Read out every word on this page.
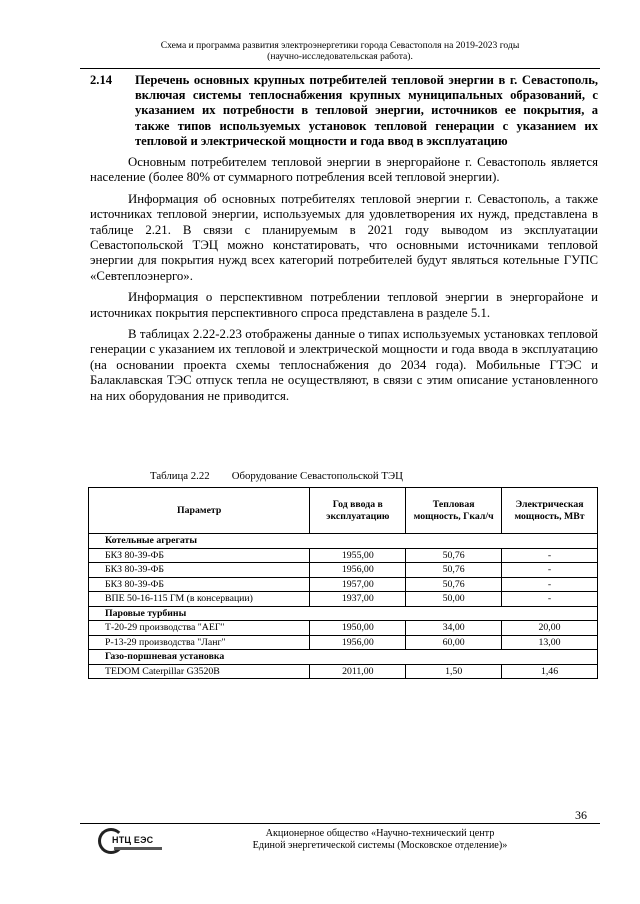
Схема и программа развития электроэнергетики города Севастополя на 2019-2023 годы
(научно-исследовательская работа).
2.14	Перечень основных крупных потребителей тепловой энергии в г. Севастополь, включая системы теплоснабжения крупных муниципальных образований, с указанием их потребности в тепловой энергии, источников ее покрытия, а также типов используемых установок тепловой генерации с указанием их тепловой и электрической мощности и года ввод в эксплуатацию

Основным потребителем тепловой энергии в энергорайоне г. Севастополь является население (более 80% от суммарного потребления всей тепловой энергии).

Информация об основных потребителях тепловой энергии г. Севастополь, а также источниках тепловой энергии, используемых для удовлетворения их нужд, представлена в таблице 2.21. В связи с планируемым в 2021 году выводом из эксплуатации Севастопольской ТЭЦ можно констатировать, что основными источниками тепловой энергии для покрытия нужд всех категорий потребителей будут являться котельные ГУПС «Севтеплоэнерго».

Информация о перспективном потреблении тепловой энергии в энергорайоне и источниках покрытия перспективного спроса представлена в разделе 5.1.

В таблицах 2.22-2.23 отображены данные о типах используемых установках тепловой генерации с указанием их тепловой и электрической мощности и года ввода в эксплуатацию (на основании проекта схемы теплоснабжения до 2034 года). Мобильные ГТЭС и Балаклавская ТЭС отпуск тепла не осуществляют, в связи с этим описание установленного на них оборудования не приводится.

Таблица 2.22 Оборудование Севастопольской ТЭЦ
Параметр	Год ввода в эксплуатацию	Тепловая мощность, Гкал/ч	Электрическая мощность, МВт
Котельные агрегаты			
БКЗ 80-39-ФБ	1955,00	50,76	-
БКЗ 80-39-ФБ	1956,00	50,76	-
БКЗ 80-39-ФБ	1957,00	50,76	-
ВПЕ 50-16-115 ГМ (в консервации)	1937,00	50,00	-
Паровые турбины			
Т-20-29 производства "АЕГ"	1950,00	34,00	20,00
Р-13-29 производства "Ланг"	1956,00	60,00	13,00
Газо-поршневая установка			
TEDOM Caterpillar G3520B	2011,00	1,50	1,46
36
НТЦ ЕЭС
Акционерное общество «Научно-технический центр
Единой энергетической системы (Московское отделение)»
